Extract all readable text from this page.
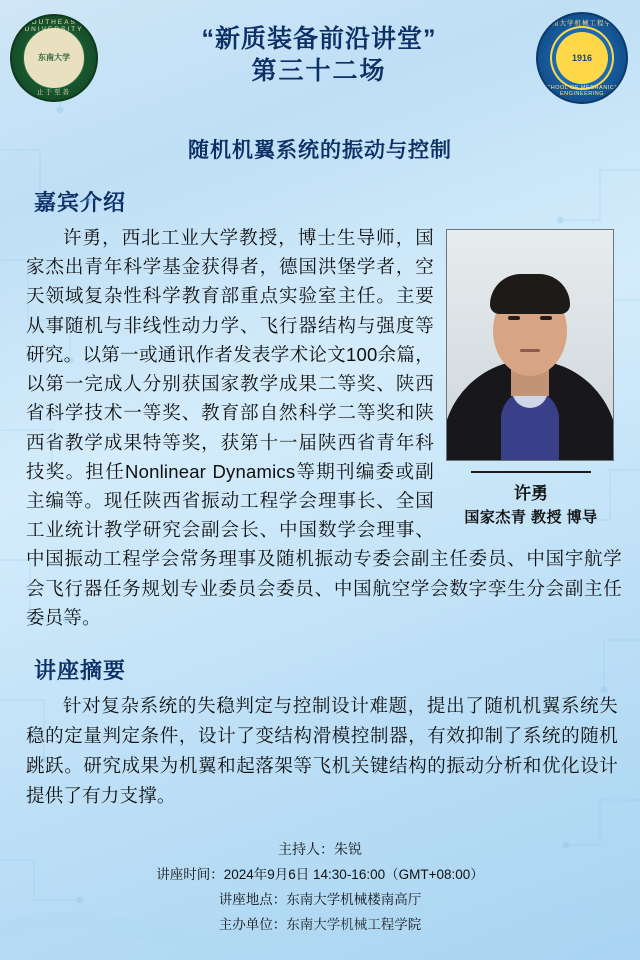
SOUTHEAST UNIVERSITY
东南大学
止于至善
“新质装备前沿讲堂”
第三十二场
东南大学机械工程学院
1916
SCHOOL OF MECHANICAL ENGINEERING
随机机翼系统的振动与控制
嘉宾介绍
许勇
国家杰青 教授 博导
许勇，西北工业大学教授，博士生导师，国家杰出青年科学基金获得者，德国洪堡学者，空天领域复杂性科学教育部重点实验室主任。主要从事随机与非线性动力学、飞行器结构与强度等研究。以第一或通讯作者发表学术论文100余篇，以第一完成人分别获国家教学成果二等奖、陕西省科学技术一等奖、教育部自然科学二等奖和陕西省教学成果特等奖，获第十一届陕西省青年科技奖。担任Nonlinear Dynamics等期刊编委或副主编等。现任陕西省振动工程学会理事长、全国工业统计教学研究会副会长、中国数学会理事、中国振动工程学会常务理事及随机振动专委会副主任委员、中国宇航学会飞行器任务规划专业委员会委员、中国航空学会数字孪生分会副主任委员等。
讲座摘要
针对复杂系统的失稳判定与控制设计难题，提出了随机机翼系统失稳的定量判定条件，设计了变结构滑模控制器，有效抑制了系统的随机跳跃。研究成果为机翼和起落架等飞机关键结构的振动分析和优化设计提供了有力支撑。
主持人：朱锐
讲座时间：2024年9月6日 14:30-16:00（GMT+08:00）
讲座地点：东南大学机械楼南高厅
主办单位：东南大学机械工程学院
